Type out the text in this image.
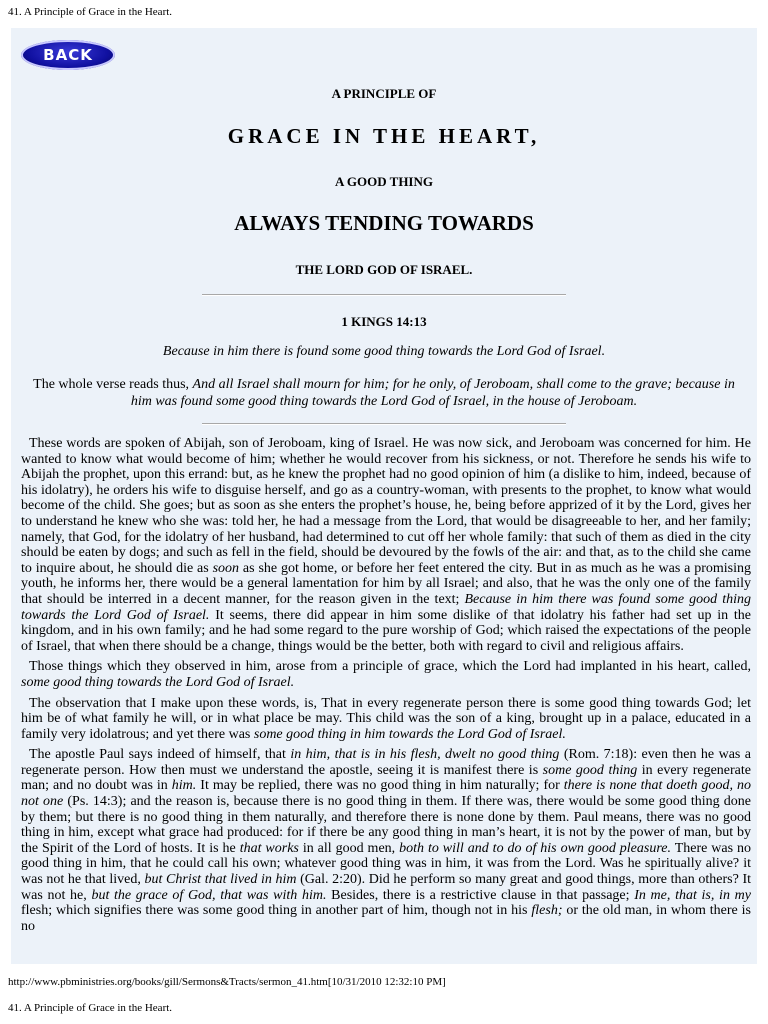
41. A Principle of Grace in the Heart.
BACK
A PRINCIPLE OF
GRACE IN THE HEART,
A GOOD THING
ALWAYS TENDING TOWARDS
THE LORD GOD OF ISRAEL.
1 KINGS 14:13
Because in him there is found some good thing towards the Lord God of Israel.
The whole verse reads thus, And all Israel shall mourn for him; for he only, of Jeroboam, shall come to the grave; because in him was found some good thing towards the Lord God of Israel, in the house of Jeroboam.

These words are spoken of Abijah, son of Jeroboam, king of Israel. He was now sick, and Jeroboam was concerned for him. He wanted to know what would become of him; whether he would recover from his sickness, or not. Therefore he sends his wife to Abijah the prophet, upon this errand: but, as he knew the prophet had no good opinion of him (a dislike to him, indeed, because of his idolatry), he orders his wife to disguise herself, and go as a country-woman, with presents to the prophet, to know what would become of the child. She goes; but as soon as she enters the prophet’s house, he, being before apprized of it by the Lord, gives her to understand he knew who she was: told her, he had a message from the Lord, that would be disagreeable to her, and her family; namely, that God, for the idolatry of her husband, had determined to cut off her whole family: that such of them as died in the city should be eaten by dogs; and such as fell in the field, should be devoured by the fowls of the air: and that, as to the child she came to inquire about, he should die as soon as she got home, or before her feet entered the city. But in as much as he was a promising youth, he informs her, there would be a general lamentation for him by all Israel; and also, that he was the only one of the family that should be interred in a decent manner, for the reason given in the text; Because in him there was found some good thing towards the Lord God of Israel. It seems, there did appear in him some dislike of that idolatry his father had set up in the kingdom, and in his own family; and he had some regard to the pure worship of God; which raised the expectations of the people of Israel, that when there should be a change, things would be the better, both with regard to civil and religious affairs.

Those things which they observed in him, arose from a principle of grace, which the Lord had implanted in his heart, called, some good thing towards the Lord God of Israel.

The observation that I make upon these words, is, That in every regenerate person there is some good thing towards God; let him be of what family he will, or in what place be may. This child was the son of a king, brought up in a palace, educated in a family very idolatrous; and yet there was some good thing in him towards the Lord God of Israel.

The apostle Paul says indeed of himself, that in him, that is in his flesh, dwelt no good thing (Rom. 7:18): even then he was a regenerate person. How then must we understand the apostle, seeing it is manifest there is some good thing in every regenerate man; and no doubt was in him. It may be replied, there was no good thing in him naturally; for there is none that doeth good, no not one (Ps. 14:3); and the reason is, because there is no good thing in them. If there was, there would be some good thing done by them; but there is no good thing in them naturally, and therefore there is none done by them. Paul means, there was no good thing in him, except what grace had produced: for if there be any good thing in man’s heart, it is not by the power of man, but by the Spirit of the Lord of hosts. It is he that works in all good men, both to will and to do of his own good pleasure. There was no good thing in him, that he could call his own; whatever good thing was in him, it was from the Lord. Was he spiritually alive? it was not he that lived, but Christ that lived in him (Gal. 2:20). Did he perform so many great and good things, more than others? It was not he, but the grace of God, that was with him. Besides, there is a restrictive clause in that passage; In me, that is, in my flesh; which signifies there was some good thing in another part of him, though not in his flesh; or the old man, in whom there is no

http://www.pbministries.org/books/gill/Sermons&Tracts/sermon_41.htm[10/31/2010 12:32:10 PM]
41. A Principle of Grace in the Heart.
